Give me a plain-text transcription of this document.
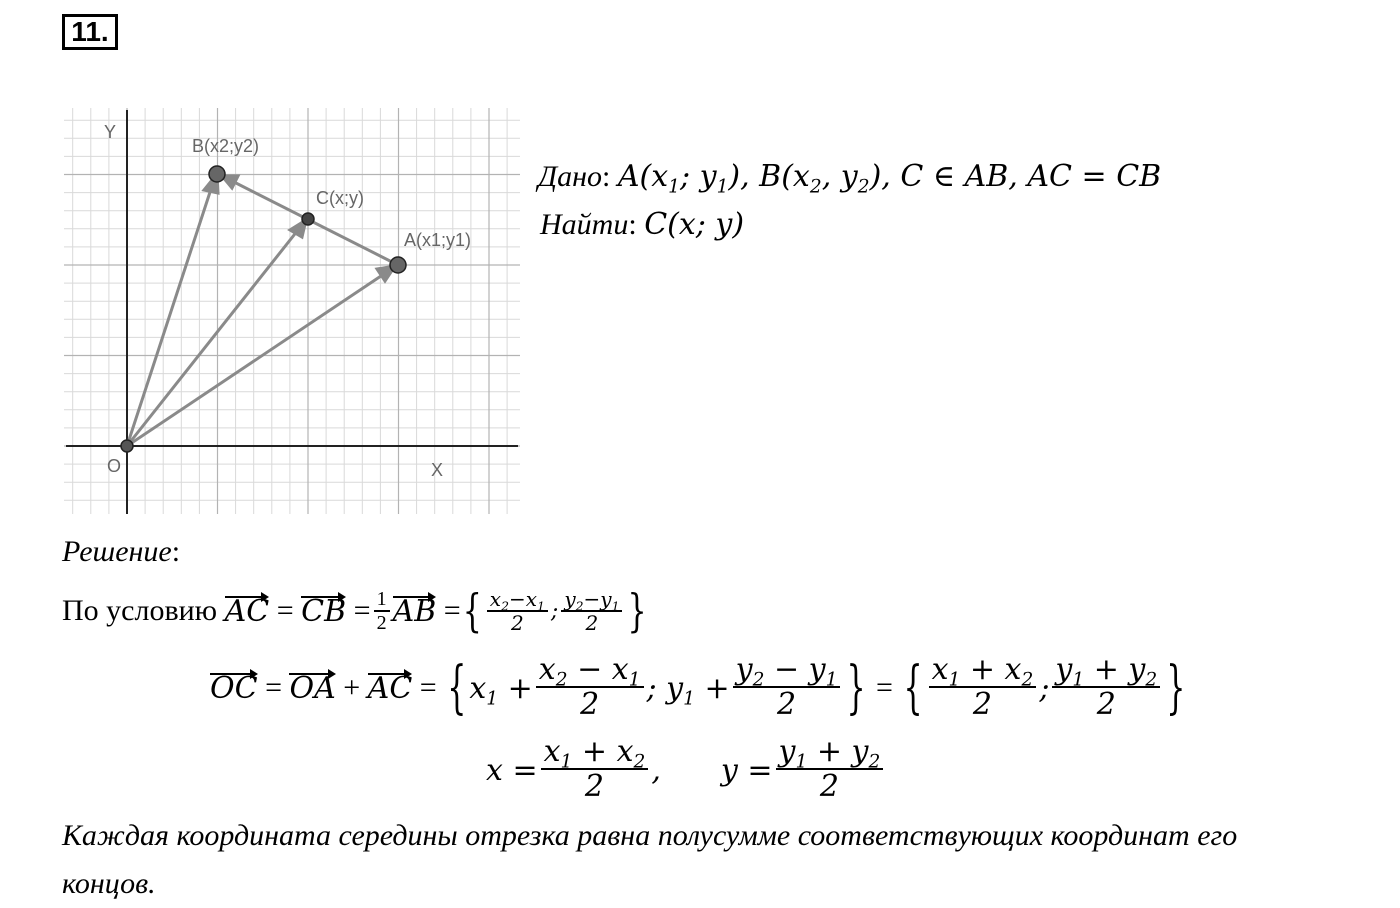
11.
Y
X
O
B(x2;y2)
C(x;y)
A(x1;y1)
Дано: $A(x_1$; $y_1$), $B(x_2$, $y_2$), C ∈ AB, AC = CB
Найти: C(x; y)
Решение:
По условию
AC = CB = $\frac{1}{2}$ AB = { $\frac{x_2-x_1}{2}$ ; $\frac{y_2-y_1}{2}$ }
OC = OA + AC = { $x_1 + \frac{x_2 - x_1}{2}$ ; $y_1 + \frac{y_2 - y_1}{2}$ } = { $\frac{x_1 + x_2}{2}$ ; $\frac{y_1 + y_2}{2}$ }
$x = \frac{x_1 + x_2}{2}$ , $y = \frac{y_1 + y_2}{2}$
Каждая координата середины отрезка равна полусумме соответствующих координат его концов.
